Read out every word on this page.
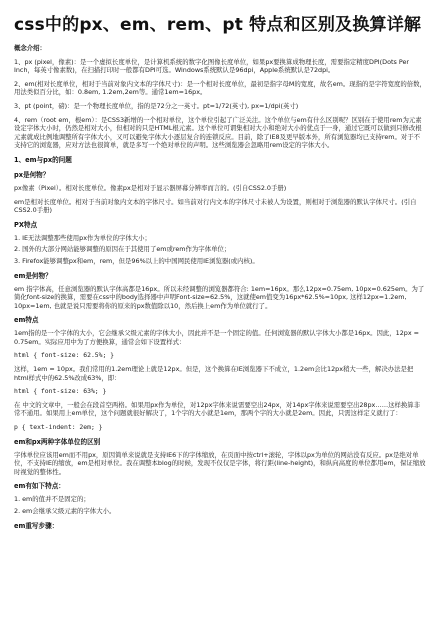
css中的px、em、rem、pt 特点和区别及换算详解
概念介绍：
1、px (pixel，像素)：是一个虚拟长度单位，是计算机系统的数字化图像长度单位，如果px要换算成物理长度，需要指定精度DPI(Dots Per Inch，每英寸像素数)，在扫描打印时一般都有DPI可选。Windows系统默认是96dpi，Apple系统默认是72dpi。
2、em(相对长度单位，相对于当前对象内文本的字体尺寸)：是一个相对长度单位，最初是指字母M的宽度，故名em。现指的是字符宽度的倍数，用法类似百分比，如：0.8em, 1.2em,2em等。通常1em=16px。
3、pt (point，磅)：是一个物理长度单位，指的是72分之一英寸。pt=1/72(英寸), px=1/dpi(英寸)
4、rem（root em，根em）：是CSS3新增的一个相对单位，这个单位引起了广泛关注。这个单位与em有什么区别呢？区别在于使用rem为元素设定字体大小时，仍然是相对大小，但相对的只是HTML根元素。这个单位可谓集相对大小和绝对大小的优点于一身，通过它既可以做到只修改根元素就成比例地调整所有字体大小，又可以避免字体大小逐层复合的连锁反应。目前，除了IE8及更早版本外，所有浏览器均已支持rem。对于不支持它的浏览器，应对方法也很简单，就是多写一个绝对单位的声明。这些浏览器会忽略用rem设定的字体大小。
1、em与px的问题
px是何物？
px像素（Pixel）。相对长度单位。像素px是相对于显示器屏幕分辨率而言的。(引自CSS2.0手册)
em是相对长度单位。相对于当前对象内文本的字体尺寸。如当前对行内文本的字体尺寸未被人为设置，则相对于浏览器的默认字体尺寸。(引自CSS2.0手册)
PX特点
1. IE无法调整那些使用px作为单位的字体大小；
2. 国外的大部分网站能够调整的原因在于其使用了em或rem作为字体单位；
3. Firefox能够调整px和em，rem，但是96%以上的中国网民使用IE浏览器(或内核)。
em是何物？
em 指字体高，任意浏览器的默认字体高都是16px。所以未经调整的浏览器都符合: 1em=16px。那么12px=0.75em, 10px=0.625em。为了简化font-size的换算，需要在css中的body选择器中声明Font-size=62.5%，这就使em值变为16px*62.5%=10px, 这样12px=1.2em, 10px=1em, 也就是说只需要将你的原来的px数值除以10，然后换上em作为单位就行了。
em特点
1em指的是一个字体的大小，它会继承父级元素的字体大小，因此并不是一个固定的值。任何浏览器的默认字体大小都是16px。因此，12px = 0.75em。实际应用中为了方便换算，通常会如下设置样式：
html { font-size: 62.5%; }
这样，1em = 10px。我们常用的1.2em理论上就是12px。但是，这个换算在IE浏览器下不成立，1.2em会比12px稍大一些，解决办法是把html样式中的62.5%改成63%，即：
html { font-size: 63%; }
在 中文的文章中，一般会在段首空两格。如果用px作为单位，对12px字体来说需要空出24px，对14px字体来说需要空出28px……这样换算非常不通用。如果用上em单位，这个问题就很好解决了，1个字的大小就是1em，那两个字的大小就是2em。因此，只需这样定义就行了：
p { text-indent: 2em; }
em和px两种字体单位的区别
字体单位应该用em而不用px，原因简单来说就是支持IE6下的字体缩放，在页面中按ctrl+滚轮，字体以px为单位的网站没有反应。px是绝对单位，不支持IE的缩放，em是相对单位。我在调整本blog的时候，发现不仅仅是字体，将行距(line-height)，和纵向高度的单位都用em，保证缩放时视觉的整体性。
em有如下特点：
1. em的值并不是固定的；
2. em会继承父级元素的字体大小。
em重写步骤：
